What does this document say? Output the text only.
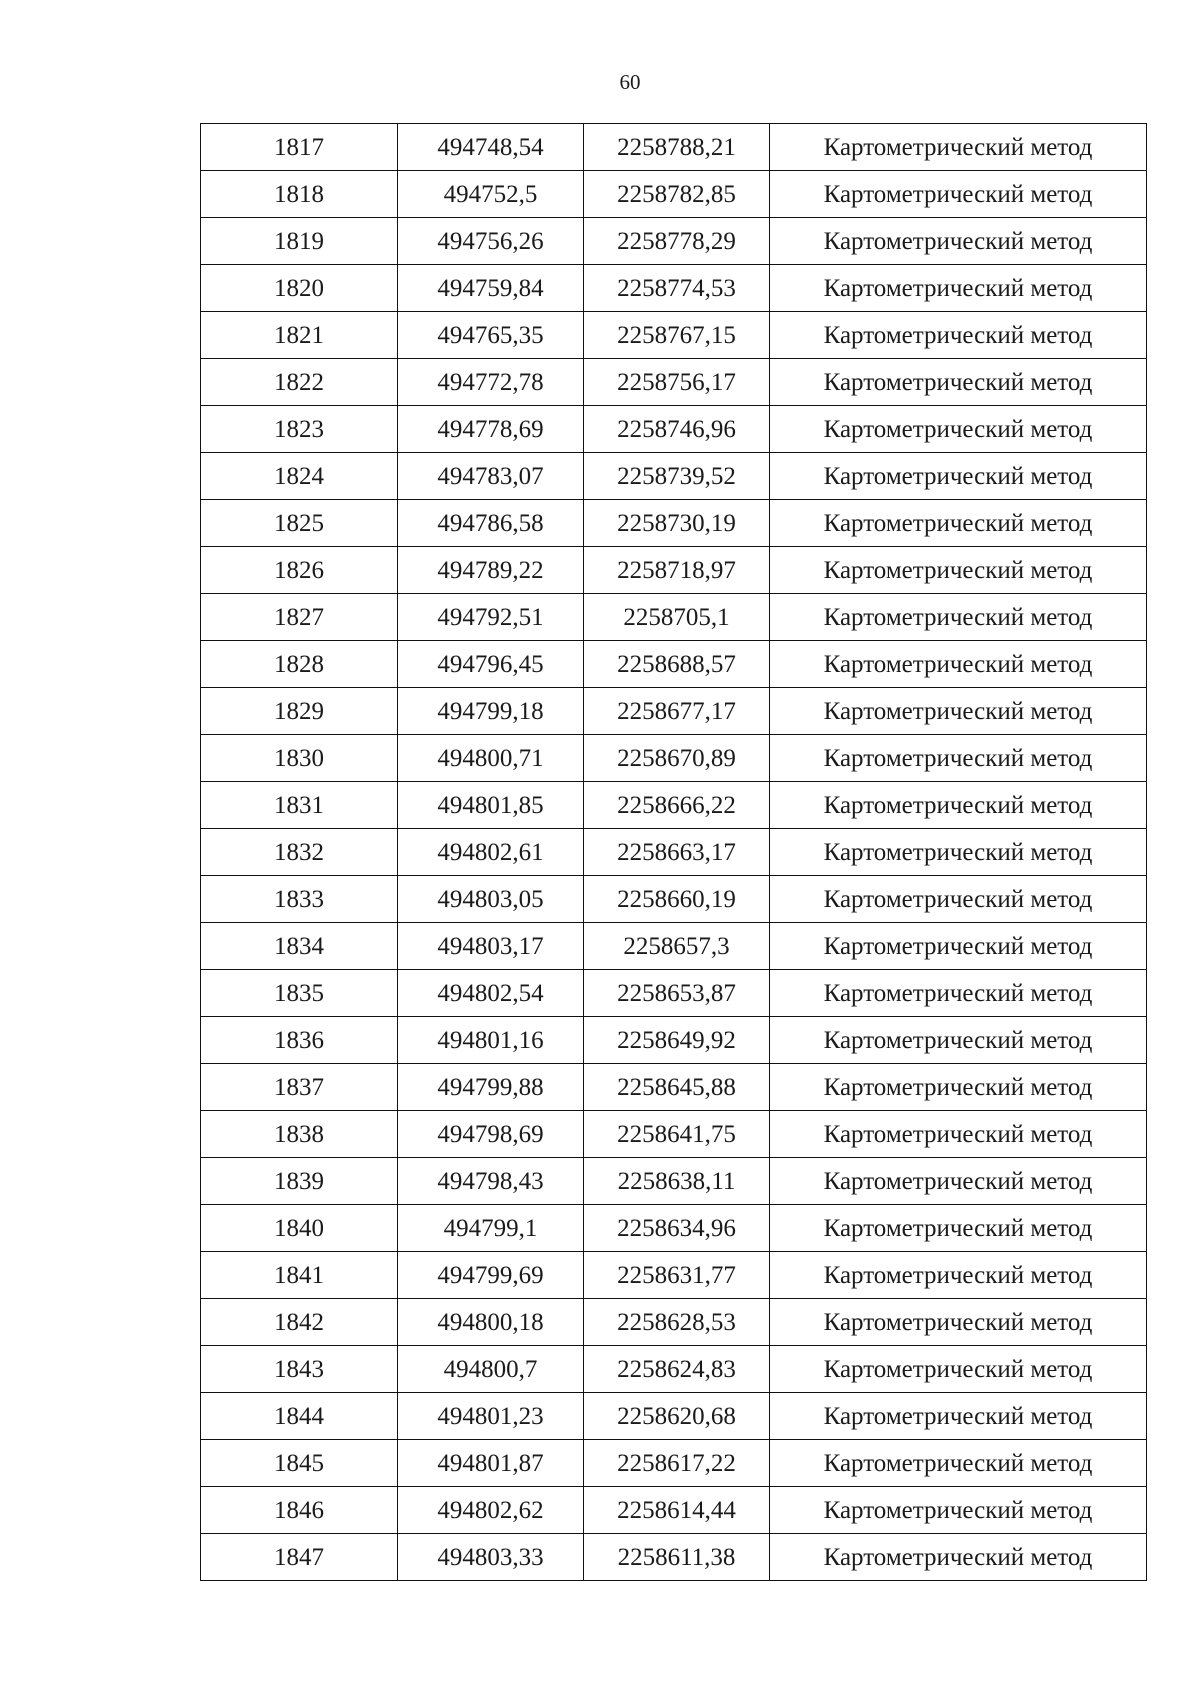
60
1817	494748,54	2258788,21	Картометрический метод
1818	494752,5	2258782,85	Картометрический метод
1819	494756,26	2258778,29	Картометрический метод
1820	494759,84	2258774,53	Картометрический метод
1821	494765,35	2258767,15	Картометрический метод
1822	494772,78	2258756,17	Картометрический метод
1823	494778,69	2258746,96	Картометрический метод
1824	494783,07	2258739,52	Картометрический метод
1825	494786,58	2258730,19	Картометрический метод
1826	494789,22	2258718,97	Картометрический метод
1827	494792,51	2258705,1	Картометрический метод
1828	494796,45	2258688,57	Картометрический метод
1829	494799,18	2258677,17	Картометрический метод
1830	494800,71	2258670,89	Картометрический метод
1831	494801,85	2258666,22	Картометрический метод
1832	494802,61	2258663,17	Картометрический метод
1833	494803,05	2258660,19	Картометрический метод
1834	494803,17	2258657,3	Картометрический метод
1835	494802,54	2258653,87	Картометрический метод
1836	494801,16	2258649,92	Картометрический метод
1837	494799,88	2258645,88	Картометрический метод
1838	494798,69	2258641,75	Картометрический метод
1839	494798,43	2258638,11	Картометрический метод
1840	494799,1	2258634,96	Картометрический метод
1841	494799,69	2258631,77	Картометрический метод
1842	494800,18	2258628,53	Картометрический метод
1843	494800,7	2258624,83	Картометрический метод
1844	494801,23	2258620,68	Картометрический метод
1845	494801,87	2258617,22	Картометрический метод
1846	494802,62	2258614,44	Картометрический метод
1847	494803,33	2258611,38	Картометрический метод
